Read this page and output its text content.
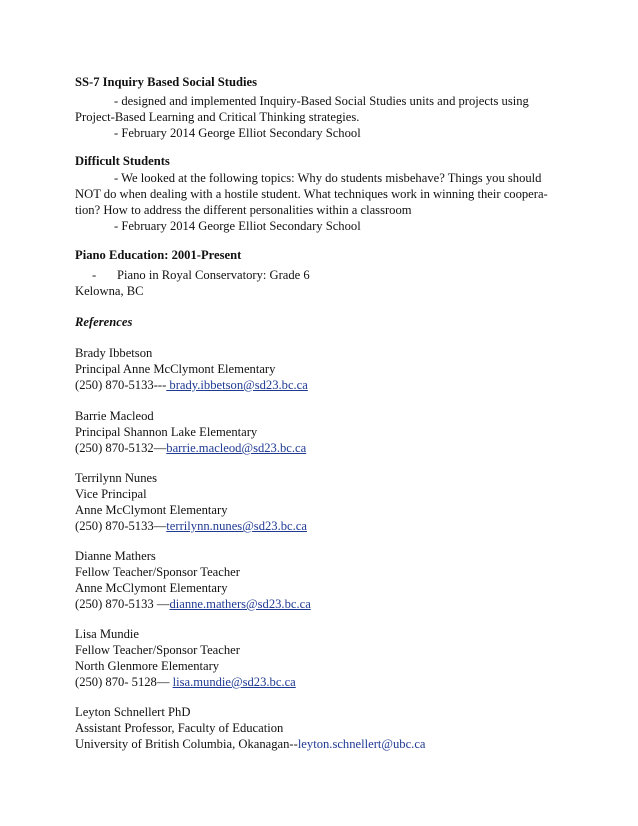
SS-7 Inquiry Based Social Studies
- designed and implemented Inquiry-Based Social Studies units and projects using
Project-Based Learning and Critical Thinking strategies.
- February 2014 George Elliot Secondary School
Difficult Students
- We looked at the following topics: Why do students misbehave? Things you should
NOT do when dealing with a hostile student. What techniques work in winning their coopera-
tion? How to address the different personalities within a classroom
- February 2014 George Elliot Secondary School
Piano Education: 2001-Present
- Piano in Royal Conservatory: Grade 6
Kelowna, BC
References
Brady Ibbetson
Principal Anne McClymont Elementary
(250) 870-5133--- brady.ibbetson@sd23.bc.ca
Barrie Macleod
Principal Shannon Lake Elementary
(250) 870-5132—barrie.macleod@sd23.bc.ca
Terrilynn Nunes
Vice Principal
Anne McClymont Elementary
(250) 870-5133—terrilynn.nunes@sd23.bc.ca
Dianne Mathers
Fellow Teacher/Sponsor Teacher
Anne McClymont Elementary
(250) 870-5133 —dianne.mathers@sd23.bc.ca
Lisa Mundie
Fellow Teacher/Sponsor Teacher
North Glenmore Elementary
(250) 870- 5128— lisa.mundie@sd23.bc.ca
Leyton Schnellert PhD
Assistant Professor, Faculty of Education
University of British Columbia, Okanagan--leyton.schnellert@ubc.ca
